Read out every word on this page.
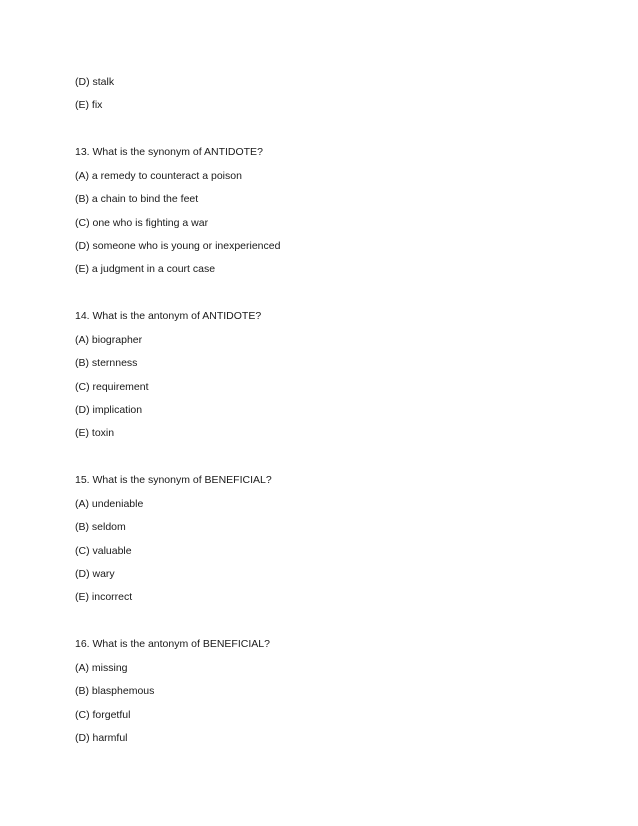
(D) stalk
(E) fix
13. What is the synonym of ANTIDOTE?
(A) a remedy to counteract a poison
(B) a chain to bind the feet
(C) one who is fighting a war
(D) someone who is young or inexperienced
(E) a judgment in a court case
14. What is the antonym of ANTIDOTE?
(A) biographer
(B) sternness
(C) requirement
(D) implication
(E) toxin
15. What is the synonym of BENEFICIAL?
(A) undeniable
(B) seldom
(C) valuable
(D) wary
(E) incorrect
16. What is the antonym of BENEFICIAL?
(A) missing
(B) blasphemous
(C) forgetful
(D) harmful
